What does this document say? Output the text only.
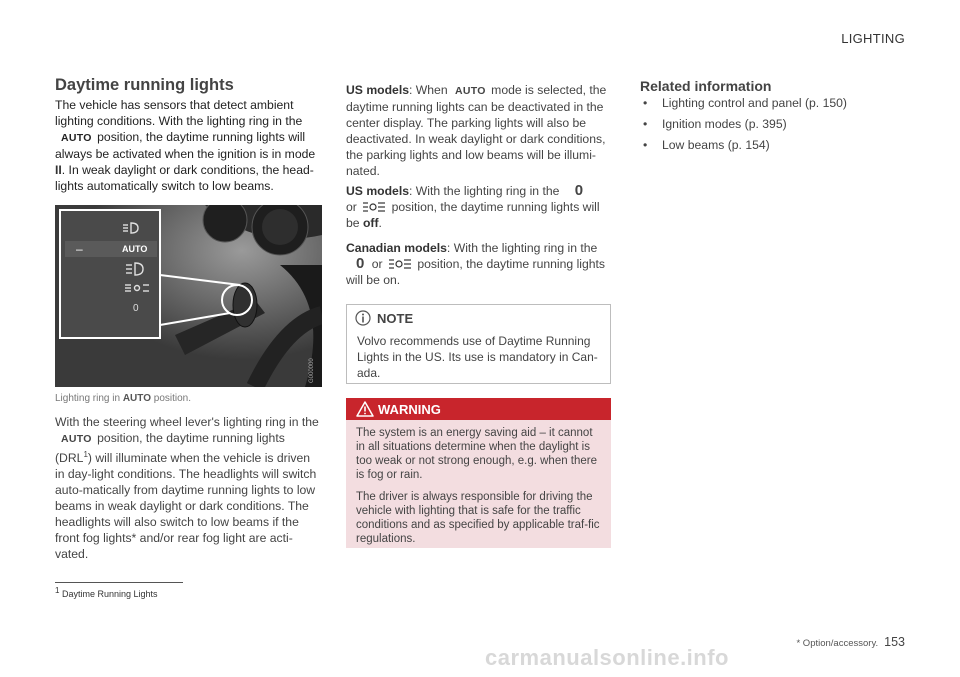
LIGHTING
Daytime running lights
The vehicle has sensors that detect ambient lighting conditions. With the lighting ring in the
AUTO position, the daytime running lights will always be activated when the ignition is in mode II. In weak daylight or dark conditions, the head-lights automatically switch to low beams.
AUTO
–
0
G000000
Lighting ring in AUTO position.
With the steering wheel lever's lighting ring in the
AUTO position, the daytime running lights (DRL$^1$) will illuminate when the vehicle is driven in day-light conditions. The headlights will switch auto-matically from daytime running lights to low beams in weak daylight or dark conditions. The headlights will also switch to low beams if the front fog lights* and/or rear fog light are acti-vated.
US models: When AUTO mode is selected, the daytime running lights can be deactivated in the center display. The parking lights will also be deactivated. In weak daylight or dark conditions, the parking lights and low beams will be illumi-nated.
US models: With the lighting ring in the 0
or	position, the daytime running lights will be off.
Canadian models: With the lighting ring in the
0 or	position, the daytime running lights will be on.
NOTE
Volvo recommends use of Daytime Running Lights in the US. Its use is mandatory in Can-ada.
WARNING

The system is an energy saving aid – it cannot in all situations determine when the daylight is too weak or not strong enough, e.g. when there is fog or rain.

The driver is always responsible for driving the vehicle with lighting that is safe for the traffic conditions and as specified by applicable traf-fic regulations.

Related information
• Lighting control and panel (p. 150)
• Ignition modes (p. 395)
• Low beams (p. 154)
$^1$ Daytime Running Lights
* Option/accessory. 153
carmanualsonline.info
